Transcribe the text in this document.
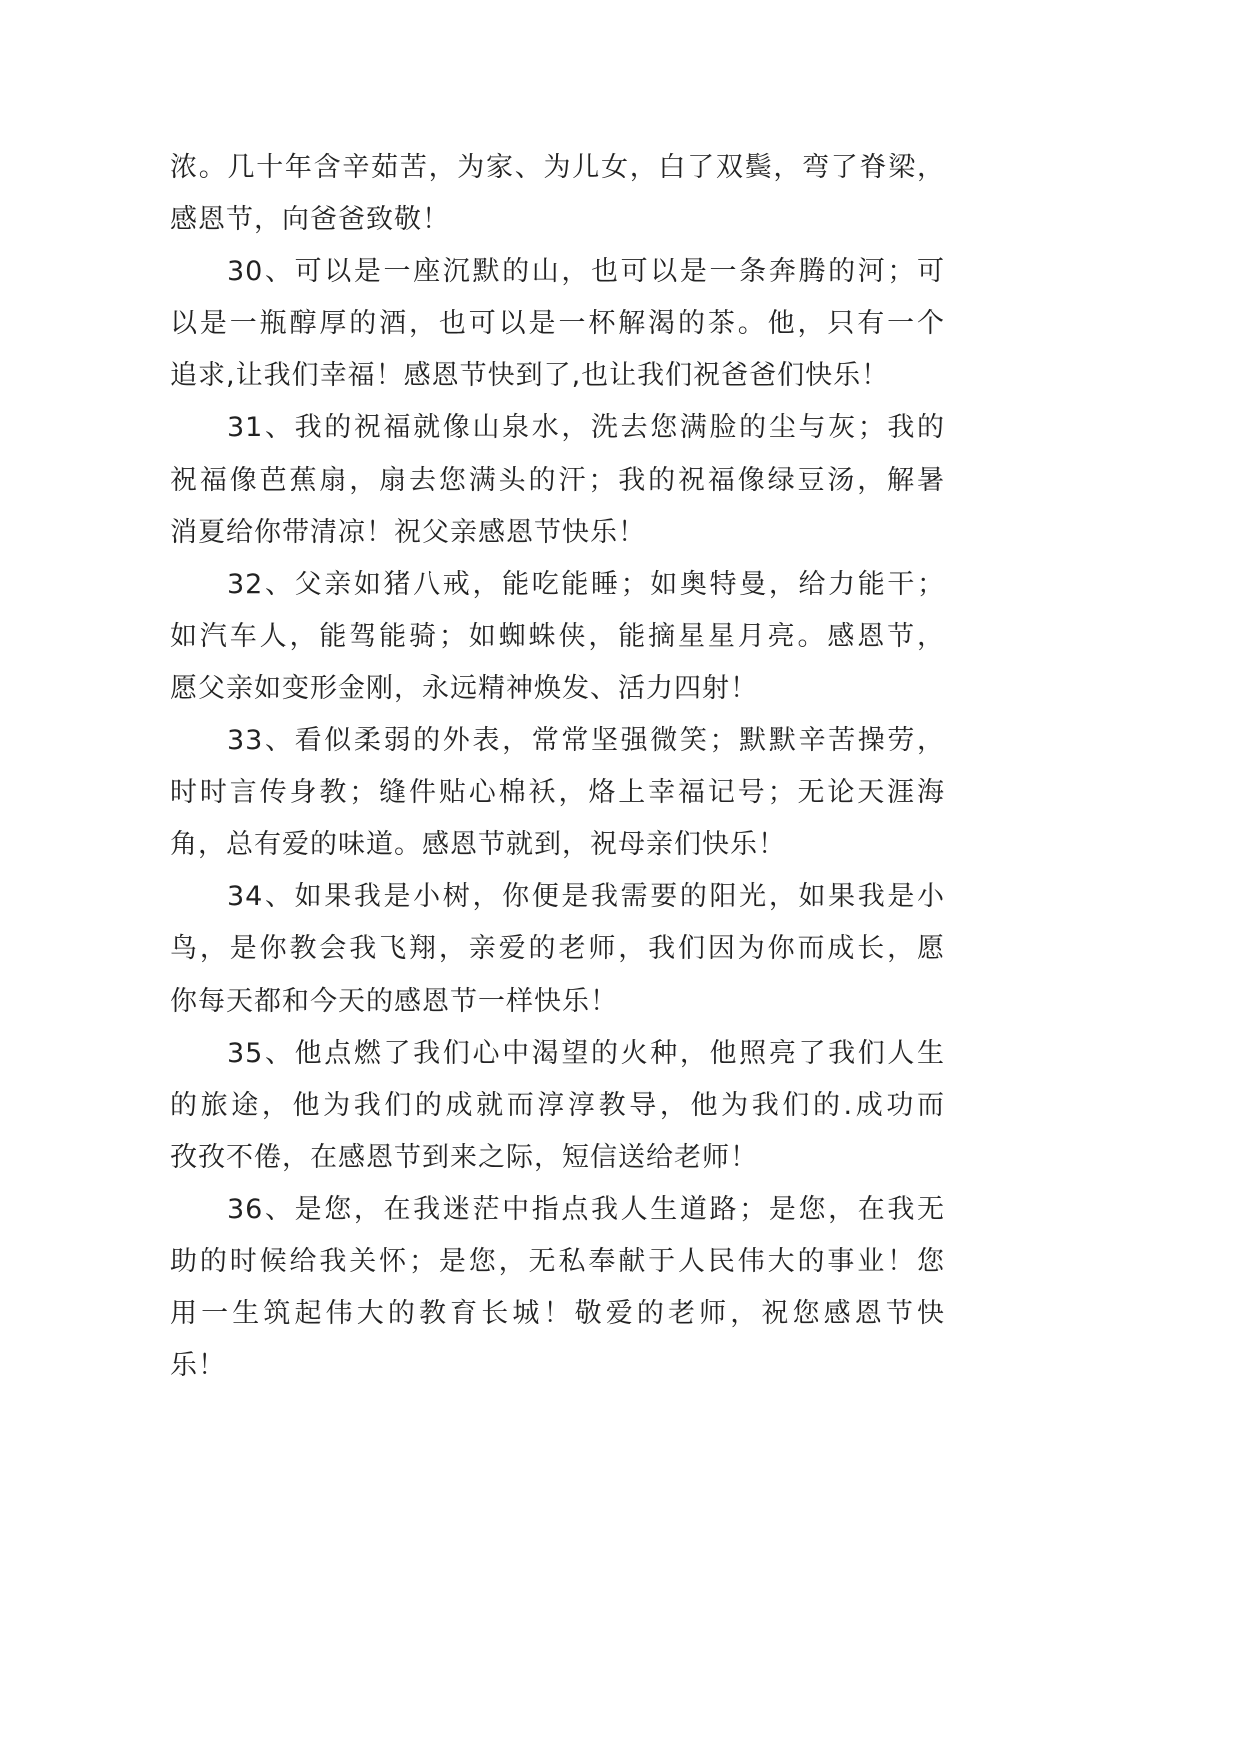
浓。几十年含辛茹苦，为家、为儿女，白了双鬓，弯了脊梁，
感恩节，向爸爸致敬！
30、可以是一座沉默的山，也可以是一条奔腾的河；可
以是一瓶醇厚的酒，也可以是一杯解渴的茶。他，只有一个
追求,让我们幸福！感恩节快到了,也让我们祝爸爸们快乐！
31、我的祝福就像山泉水，洗去您满脸的尘与灰；我的
祝福像芭蕉扇，扇去您满头的汗；我的祝福像绿豆汤，解暑
消夏给你带清凉！祝父亲感恩节快乐！
32、父亲如猪八戒，能吃能睡；如奥特曼，给力能干；
如汽车人，能驾能骑；如蜘蛛侠，能摘星星月亮。感恩节，
愿父亲如变形金刚，永远精神焕发、活力四射！
33、看似柔弱的外表，常常坚强微笑；默默辛苦操劳，
时时言传身教；缝件贴心棉袄，烙上幸福记号；无论天涯海
角，总有爱的味道。感恩节就到，祝母亲们快乐！
34、如果我是小树，你便是我需要的阳光，如果我是小
鸟，是你教会我飞翔，亲爱的老师，我们因为你而成长，愿
你每天都和今天的感恩节一样快乐！
35、他点燃了我们心中渴望的火种，他照亮了我们人生
的旅途，他为我们的成就而淳淳教导，他为我们的.成功而
孜孜不倦，在感恩节到来之际，短信送给老师！
36、是您，在我迷茫中指点我人生道路；是您，在我无
助的时候给我关怀；是您，无私奉献于人民伟大的事业！您
用一生筑起伟大的教育长城！敬爱的老师，祝您感恩节快
乐！
